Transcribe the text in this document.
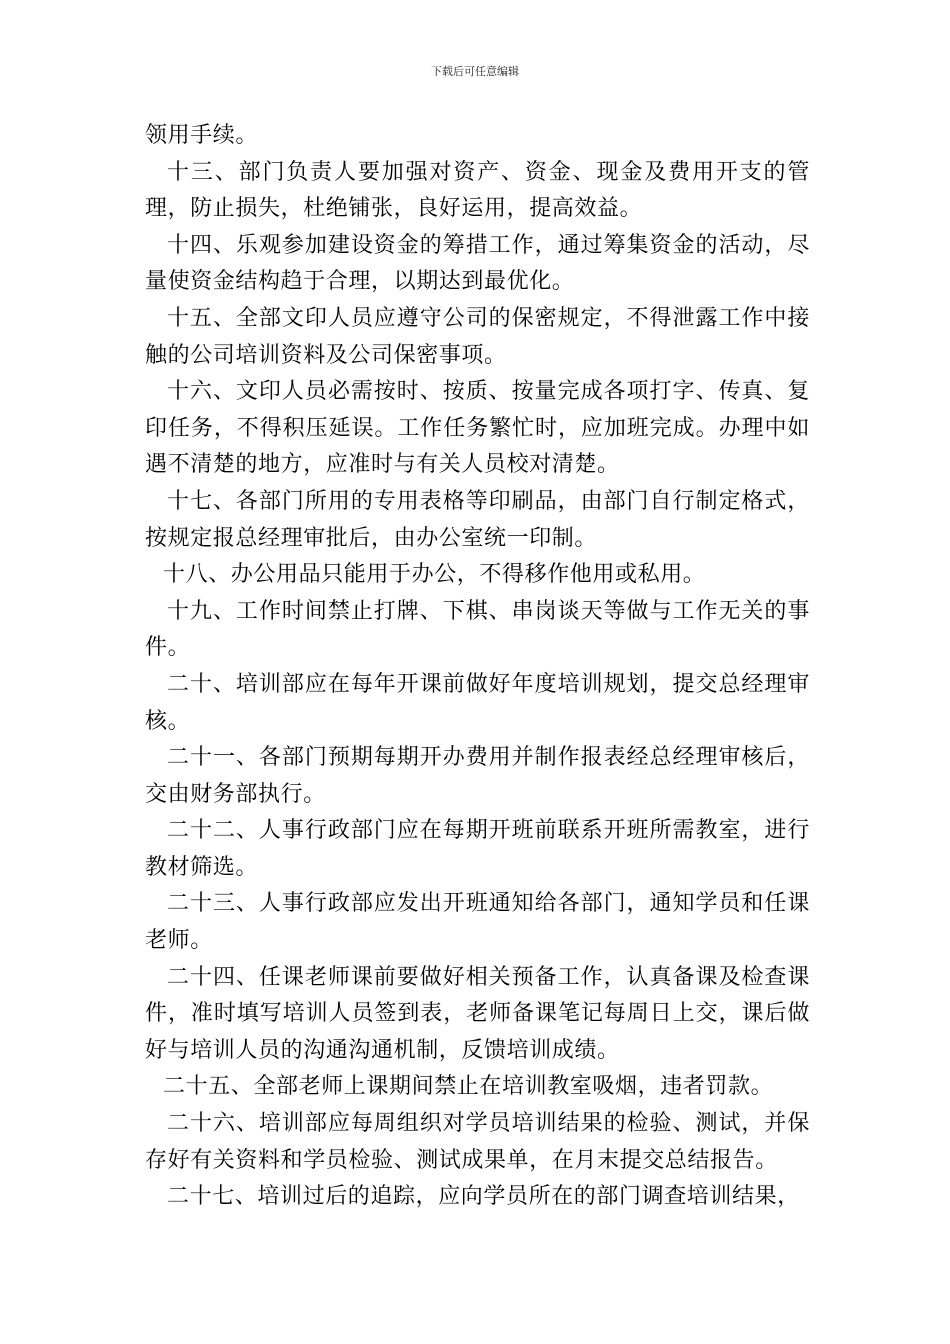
下载后可任意编辑

领用手续。

十三、部门负责人要加强对资产、资金、现金及费用开支的管理，防止损失，杜绝铺张，良好运用，提高效益。

十四、乐观参加建设资金的筹措工作，通过筹集资金的活动，尽量使资金结构趋于合理，以期达到最优化。

十五、全部文印人员应遵守公司的保密规定，不得泄露工作中接触的公司培训资料及公司保密事项。

十六、文印人员必需按时、按质、按量完成各项打字、传真、复印任务，不得积压延误。工作任务繁忙时，应加班完成。办理中如遇不清楚的地方，应准时与有关人员校对清楚。

十七、各部门所用的专用表格等印刷品，由部门自行制定格式，按规定报总经理审批后，由办公室统一印制。

十八、办公用品只能用于办公，不得移作他用或私用。

十九、工作时间禁止打牌、下棋、串岗谈天等做与工作无关的事件。

二十、培训部应在每年开课前做好年度培训规划，提交总经理审核。

二十一、各部门预期每期开办费用并制作报表经总经理审核后，交由财务部执行。

二十二、人事行政部门应在每期开班前联系开班所需教室，进行教材筛选。

二十三、人事行政部应发出开班通知给各部门，通知学员和任课老师。

二十四、任课老师课前要做好相关预备工作，认真备课及检查课件，准时填写培训人员签到表，老师备课笔记每周日上交，课后做好与培训人员的沟通沟通机制，反馈培训成绩。

二十五、全部老师上课期间禁止在培训教室吸烟，违者罚款。

二十六、培训部应每周组织对学员培训结果的检验、测试，并保存好有关资料和学员检验、测试成果单，在月末提交总结报告。

二十七、培训过后的追踪，应向学员所在的部门调查培训结果，
